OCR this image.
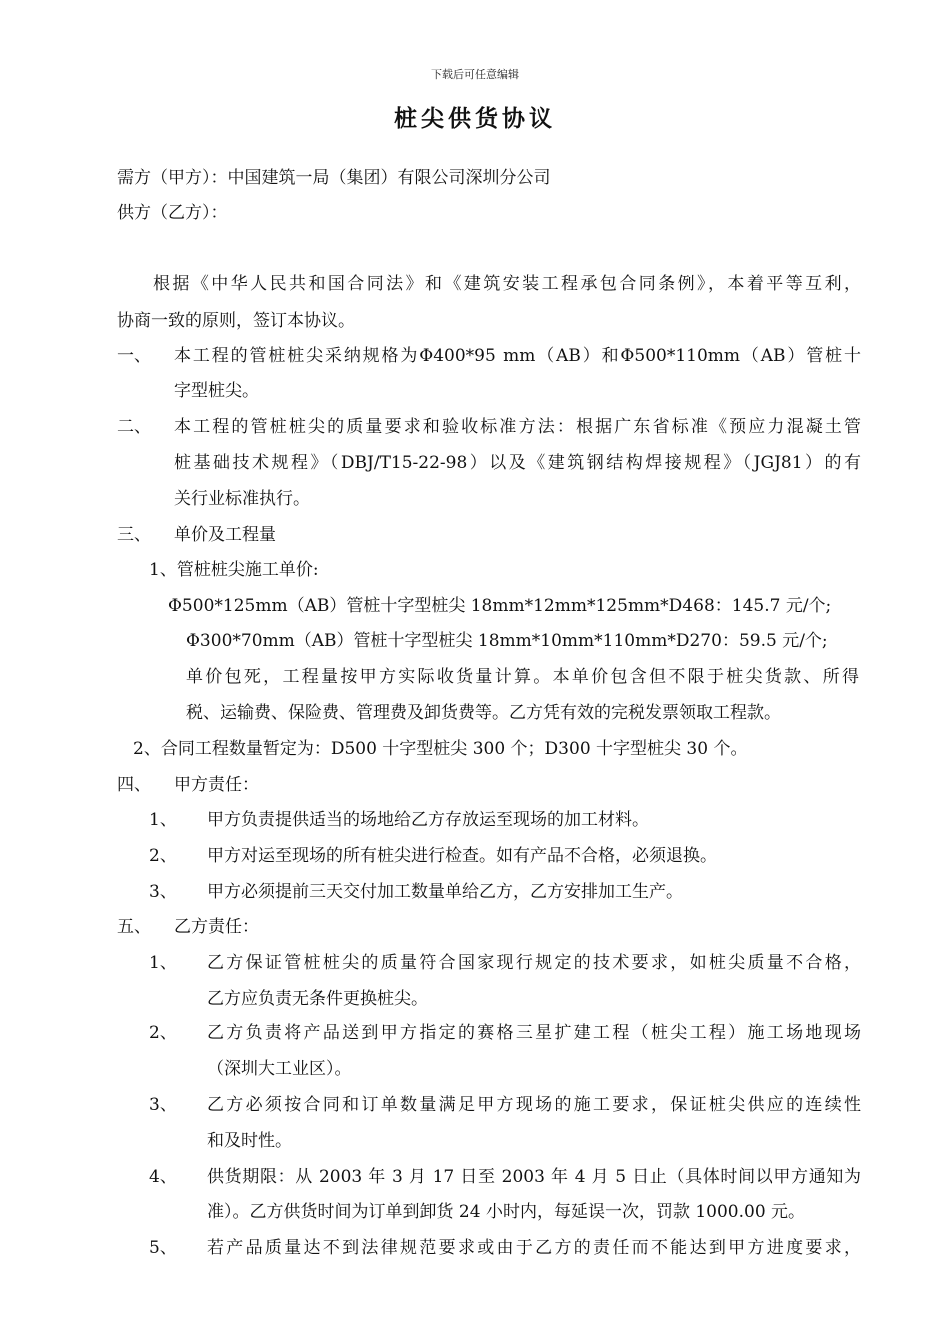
下载后可任意编辑
桩尖供货协议
需方（甲方）：中国建筑一局（集团）有限公司深圳分公司
供方（乙方）：
根据《中华人民共和国合同法》和《建筑安装工程承包合同条例》，本着平等互利，
协商一致的原则，签订本协议。
一、 本工程的管桩桩尖采纳规格为Φ400*95 mm（AB）和Φ500*110mm（AB）管桩十
字型桩尖。
二、 本工程的管桩桩尖的质量要求和验收标准方法：根据广东省标准《预应力混凝土管
桩基础技术规程》（DBJ/T15-22-98）以及《建筑钢结构焊接规程》（JGJ81）的有
关行业标准执行。
三、 单价及工程量
1、管桩桩尖施工单价:
Φ500*125mm（AB）管桩十字型桩尖 18mm*12mm*125mm*D468：145.7 元/个;
Φ300*70mm（AB）管桩十字型桩尖 18mm*10mm*110mm*D270：59.5 元/个;
单价包死，工程量按甲方实际收货量计算。本单价包含但不限于桩尖货款、所得
税、运输费、保险费、管理费及卸货费等。乙方凭有效的完税发票领取工程款。
2、合同工程数量暂定为：D500 十字型桩尖 300 个；D300 十字型桩尖 30 个。
四、 甲方责任：
1、 甲方负责提供适当的场地给乙方存放运至现场的加工材料。
2、 甲方对运至现场的所有桩尖进行检查。如有产品不合格，必须退换。
3、 甲方必须提前三天交付加工数量单给乙方，乙方安排加工生产。
五、 乙方责任：
1、 乙方保证管桩桩尖的质量符合国家现行规定的技术要求，如桩尖质量不合格，
乙方应负责无条件更换桩尖。
2、 乙方负责将产品送到甲方指定的赛格三星扩建工程（桩尖工程）施工场地现场
（深圳大工业区）。
3、 乙方必须按合同和订单数量满足甲方现场的施工要求，保证桩尖供应的连续性
和及时性。
4、 供货期限：从 2003 年 3 月 17 日至 2003 年 4 月 5 日止（具体时间以甲方通知为
准）。乙方供货时间为订单到卸货 24 小时内，每延误一次，罚款 1000.00 元。
5、 若产品质量达不到法律规范要求或由于乙方的责任而不能达到甲方进度要求，
